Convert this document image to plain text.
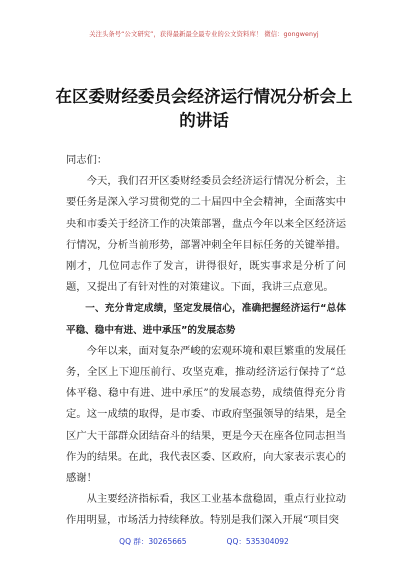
关注头条号“公文研究”，获得最新最全最专业的公文资料库！ 微信：gongwenyj
在区委财经委员会经济运行情况分析会上
的讲话

同志们：

今天，我们召开区委财经委员会经济运行情况分析会，主要任务是深入学习贯彻党的二十届四中全会精神，全面落实中央和市委关于经济工作的决策部署，盘点今年以来全区经济运行情况，分析当前形势，部署冲刺全年目标任务的关键举措。刚才，几位同志作了发言，讲得很好，既实事求是分析了问题，又提出了有针对性的对策建议。下面，我讲三点意见。

一、充分肯定成绩，坚定发展信心，准确把握经济运行“总体平稳、稳中有进、进中承压”的发展态势

今年以来，面对复杂严峻的宏观环境和艰巨繁重的发展任务，全区上下迎压前行、攻坚克难，推动经济运行保持了“总体平稳、稳中有进、进中承压”的发展态势，成绩值得充分肯定。这一成绩的取得，是市委、市政府坚强领导的结果，是全区广大干部群众团结奋斗的结果，更是今天在座各位同志担当作为的结果。在此，我代表区委、区政府，向大家表示衷心的感谢！

从主要经济指标看，我区工业基本盘稳固，重点行业拉动作用明显，市场活力持续释放。特别是我们深入开展“项目突

QQ 群：30265665	QQ：535304092
